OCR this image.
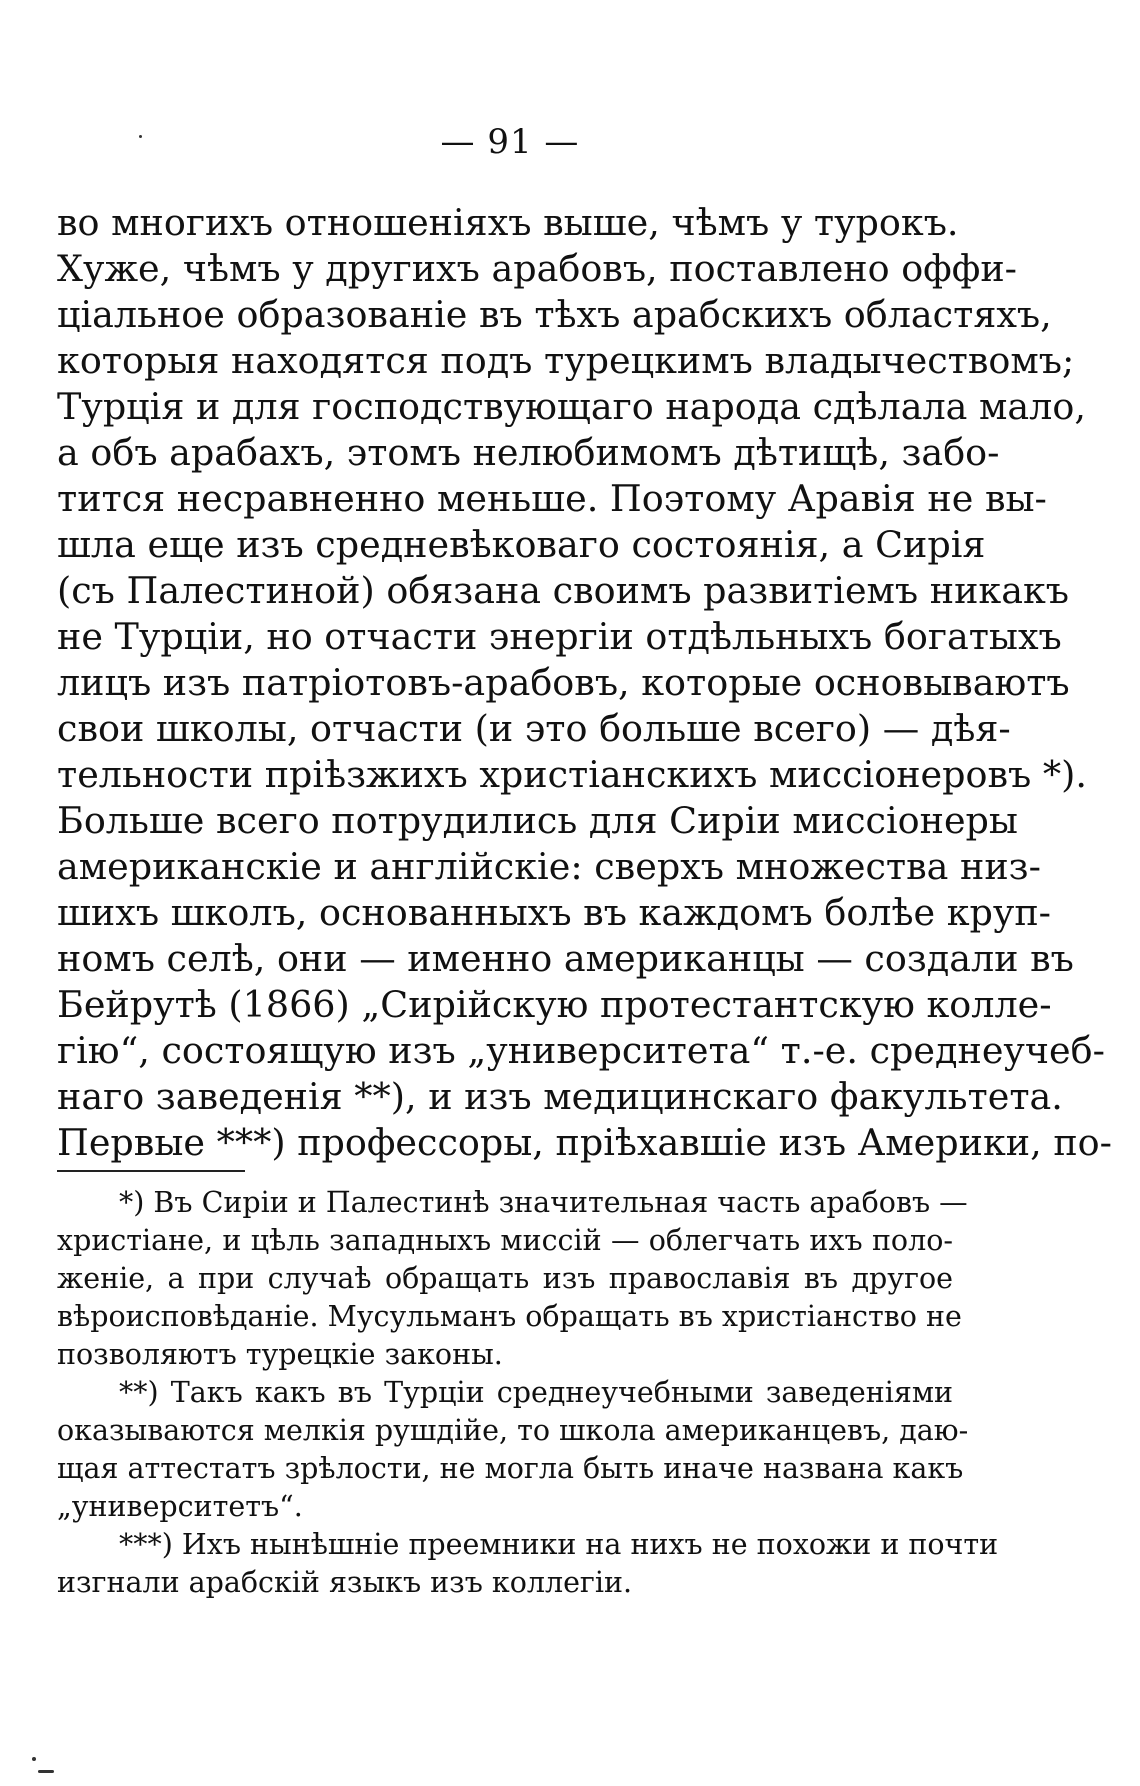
— 91 —
во многихъ отношеніяхъ выше, чѣмъ у турокъ.
Хуже, чѣмъ у другихъ арабовъ, поставлено оффи-
ціальное образованіе въ тѣхъ арабскихъ областяхъ,
которыя находятся подъ турецкимъ владычествомъ;
Турція и для господствующаго народа сдѣлала мало,
а объ арабахъ, этомъ нелюбимомъ дѣтищѣ, забо-
тится несравненно меньше. Поэтому Аравія не вы-
шла еще изъ средневѣковаго состоянія, а Сирія
(съ Палестиной) обязана своимъ развитіемъ никакъ
не Турціи, но отчасти энергіи отдѣльныхъ богатыхъ
лицъ изъ патріотовъ-арабовъ, которые основываютъ
свои школы, отчасти (и это больше всего) — дѣя-
тельности пріѣзжихъ христіанскихъ миссіонеровъ *).
Больше всего потрудились для Сиріи миссіонеры
американскіе и англійскіе: сверхъ множества низ-
шихъ школъ, основанныхъ въ каждомъ болѣе круп-
номъ селѣ, они — именно американцы — создали въ
Бейрутѣ (1866) „Сирійскую протестантскую колле-
гію“, состоящую изъ „университета“ т.-е. среднеучеб-
наго заведенія **), и изъ медицинскаго факультета.
Первые ***) профессоры, пріѣхавшіе изъ Америки, по-
*) Въ Сиріи и Палестинѣ значительная часть арабовъ —
христіане, и цѣль западныхъ миссій — облегчать ихъ поло-
женіе, а при случаѣ обращать изъ православія въ другое
вѣроисповѣданіе. Мусульманъ обращать въ христіанство не
позволяютъ турецкіе законы.
**) Такъ какъ въ Турціи среднеучебными заведеніями
оказываются мелкія рушдійе, то школа американцевъ, даю-
щая аттестатъ зрѣлости, не могла быть иначе названа какъ
„университетъ“.
***) Ихъ нынѣшніе преемники на нихъ не похожи и почти
изгнали арабскій языкъ изъ коллегіи.
